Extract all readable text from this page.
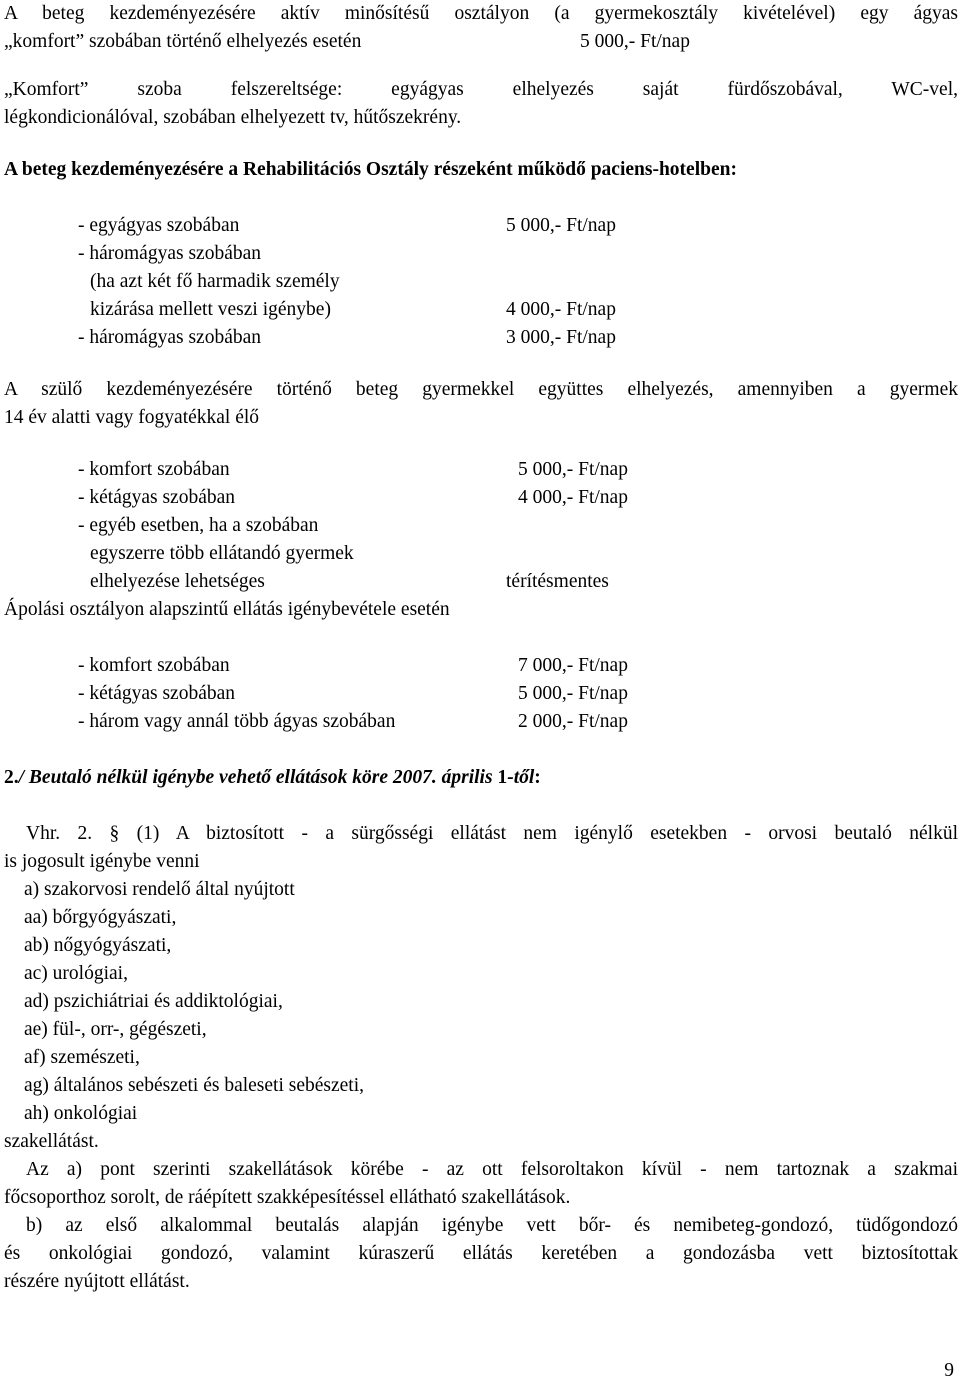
A beteg kezdeményezésére aktív minősítésű osztályon (a gyermekosztály kivételével) egy ágyas
„komfort” szobában történő elhelyezés esetén	5 000,- Ft/nap
„Komfort” szoba felszereltsége: egyágyas elhelyezés saját fürdőszobával, WC-vel,
légkondicionálóval, szobában elhelyezett tv, hűtőszekrény.
A beteg kezdeményezésére a Rehabilitációs Osztály részeként működő paciens-hotelben:
- egyágyas szobában	5 000,- Ft/nap
- háromágyas szobában
(ha azt két fő harmadik személy
kizárása mellett veszi igénybe)	4 000,- Ft/nap
- háromágyas szobában	3 000,- Ft/nap
A szülő kezdeményezésére történő beteg gyermekkel együttes elhelyezés, amennyiben a gyermek
14 év alatti vagy fogyatékkal élő
- komfort szobában	5 000,- Ft/nap
- kétágyas szobában	4 000,- Ft/nap
- egyéb esetben, ha a szobában
egyszerre több ellátandó gyermek
elhelyezése lehetséges	térítésmentes
Ápolási osztályon alapszintű ellátás igénybevétele esetén
- komfort szobában	7 000,- Ft/nap
- kétágyas szobában	5 000,- Ft/nap
- három vagy annál több ágyas szobában	2 000,- Ft/nap
2./ Beutaló nélkül igénybe vehető ellátások köre 2007. április 1-től:
Vhr. 2. § (1) A biztosított - a sürgősségi ellátást nem igénylő esetekben - orvosi beutaló nélkül
is jogosult igénybe venni
a) szakorvosi rendelő által nyújtott
aa) bőrgyógyászati,
ab) nőgyógyászati,
ac) urológiai,
ad) pszichiátriai és addiktológiai,
ae) fül-, orr-, gégészeti,
af) szemészeti,
ag) általános sebészeti és baleseti sebészeti,
ah) onkológiai
szakellátást.
Az a) pont szerinti szakellátások körébe - az ott felsoroltakon kívül - nem tartoznak a szakmai
főcsoporthoz sorolt, de ráépített szakképesítéssel ellátható szakellátások.
b) az első alkalommal beutalás alapján igénybe vett bőr- és nemibeteg-gondozó, tüdőgondozó
és onkológiai gondozó, valamint kúraszerű ellátás keretében a gondozásba vett biztosítottak
részére nyújtott ellátást.
9
